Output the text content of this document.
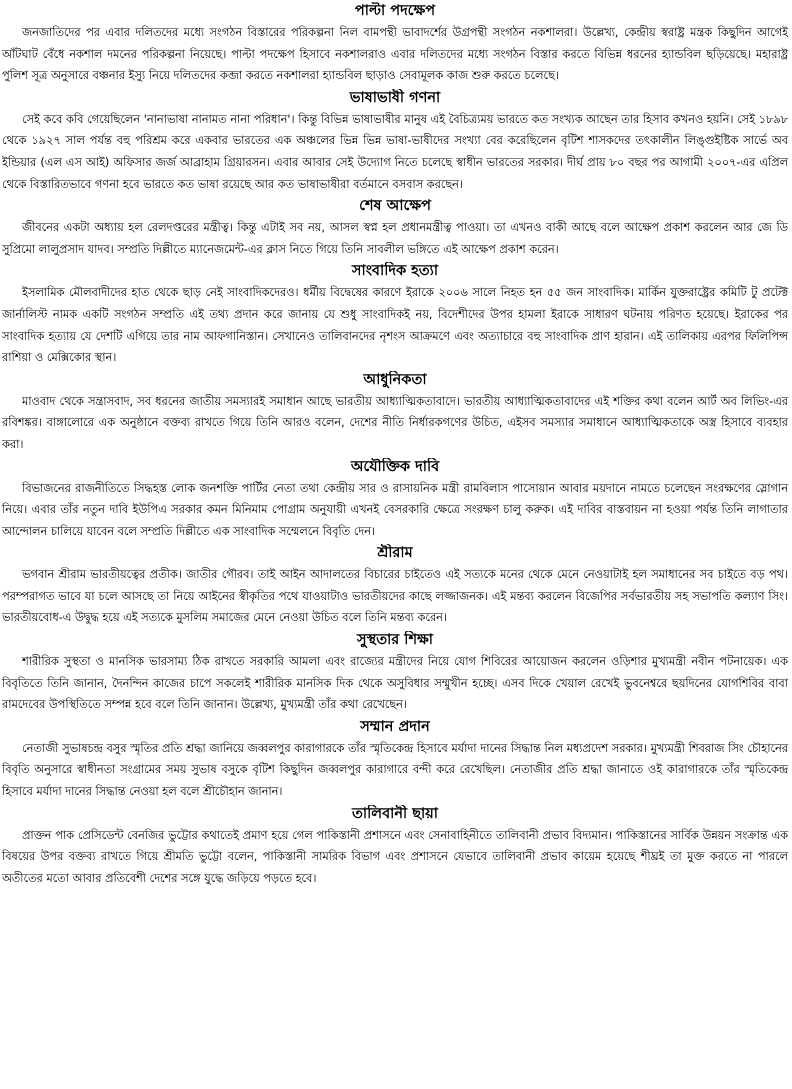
পাল্টা পদক্ষেপ

জনজাতিদের পর এবার দলিতদের মধ্যে সংগঠন বিস্তারের পরিকল্পনা নিল বামপন্থী ভাবাদর্শের উগ্রপন্থী সংগঠন নকশালরা। উল্লেখ্য, কেন্দ্রীয় স্বরাষ্ট্র মন্ত্রক কিছুদিন আগেই আঁটঘাট বেঁধে নকশাল দমনের পরিকল্পনা নিয়েছে। পাল্টা পদক্ষেপ হিসাবে নকশালরাও এবার দলিতদের মধ্যে সংগঠন বিস্তার করতে বিভিন্ন ধরনের হ্যান্ডবিল ছড়িয়েছে। মহারাষ্ট্র পুলিশ সূত্র অনুসারে বঞ্চনার ইস্যু নিয়ে দলিতদের কব্জা করতে নকশালরা হ্যান্ডবিল ছাড়াও সেবামূলক কাজ শুরু করতে চলেছে।

ভাষাভাষী গণনা

সেই কবে কবি গেয়েছিলেন 'নানাভাষা নানামত নানা পরিধান'। কিন্তু বিভিন্ন ভাষাভাষীর মানুষ এই বৈচিত্র্যময় ভারতে কত সংখ্যক আছেন তার হিসাব কখনও হয়নি। সেই ১৮৯৮ থেকে ১৯২৭ সাল পর্যন্ত বহু পরিশ্রম করে একবার ভারতের এক অঞ্চলের ভিন্ন ভিন্ন ভাষা-ভাষীদের সংখ্যা বের করেছিলেন বৃটিশ শাসকদের তৎকালীন লিঙ্গুইষ্টিক সার্ভে অব ইন্ডিয়ার (এল এস আই) অফিসার জর্জ আব্রাহাম গ্রিয়ারসন। এবার আবার সেই উদ্যোগ নিতে চলেছে স্বাধীন ভারতের সরকার। দীর্ঘ প্রায় ৮০ বছর পর আগামী ২০০৭-এর এপ্রিল থেকে বিস্তারিতভাবে গণনা হবে ভারতে কত ভাষা রয়েছে আর কত ভাষাভাষীরা বর্তমানে বসবাস করছেন।

শেষ আক্ষেপ

জীবনের একটা অধ্যায় হল রেলদপ্তরের মন্ত্রীত্ব। কিন্তু এটাই সব নয়, আসল স্বপ্ন হল প্রধানমন্ত্রীত্ব পাওয়া। তা এখনও বাকী আছে বলে আক্ষেপ প্রকাশ করলেন আর জে ডি সুপ্রিমো লালুপ্রসাদ যাদব। সম্প্রতি দিল্লীতে ম্যানেজমেন্ট-এর ক্লাস নিতে গিয়ে তিনি সাবলীল ভঙ্গিতে এই আক্ষেপ প্রকাশ করেন।

সাংবাদিক হত্যা

ইসলামিক মৌলবাদীদের হাত থেকে ছাড় নেই সাংবাদিকদেরও। ধর্মীয় বিদ্বেষের কারণে ইরাকে ২০০৬ সালে নিহত হন ৫৫ জন সাংবাদিক। মার্কিন যুক্তরাষ্ট্রের কমিটি টু প্রটেক্ট জার্নালিস্ট নামক একটি সংগঠন সম্প্রতি এই তথ্য প্রদান করে জানায় যে শুধু সাংবাদিকই নয়, বিদেশীদের উপর হামলা ইরাকে সাধারণ ঘটনায় পরিণত হয়েছে। ইরাকের পর সাংবাদিক হত্যায় যে দেশটি এগিয়ে তার নাম আফগানিস্তান। সেখানেও তালিবানদের নৃশংস আক্রমণে এবং অত্যাচারে বহু সাংবাদিক প্রাণ হারান। এই তালিকায় এরপর ফিলিপিন্স রাশিয়া ও মেক্সিকোর স্থান।

আধুনিকতা

মাওবাদ থেকে সন্ত্রাসবাদ, সব ধরনের জাতীয় সমস্যারই সমাধান আছে ভারতীয় আধ্যাত্মিকতাবাদে। ভারতীয় আধ্যাত্মিকতাবাদের এই শক্তির কথা বলেন আর্ট অব লিভিং-এর রবিশঙ্কর। বাঙ্গালোরে এক অনুষ্ঠানে বক্তব্য রাখতে গিয়ে তিনি আরও বলেন, দেশের নীতি নির্ধারকগণের উচিত, এইসব সমস্যার সমাধানে আধ্যাত্মিকতাকে অস্ত্র হিসাবে ব্যবহার করা।

অযৌক্তিক দাবি

বিভাজনের রাজনীতিতে সিদ্ধহস্ত লোক জনশক্তি পার্টির নেতা তথা কেন্দ্রীয় সার ও রাসায়নিক মন্ত্রী রামবিলাস পাসোয়ান আবার ময়দানে নামতে চলেছেন সংরক্ষণের স্লোগান নিয়ে। এবার তাঁর নতুন দাবি ইউপিএ সরকার কমন মিনিমাম পোগ্রাম অনুযায়ী এখনই বেসরকারি ক্ষেত্রে সংরক্ষণ চালু করুক। এই দাবির বাস্তবায়ন না হওয়া পর্যন্ত তিনি লাগাতার আন্দোলন চালিয়ে যাবেন বলে সম্প্রতি দিল্লীতে এক সাংবাদিক সম্মেলনে বিবৃতি দেন।

শ্রীরাম

ভগবান শ্রীরাম ভারতীয়ত্বের প্রতীক। জাতীর গৌরব। তাই আইন আদালতের বিচারের চাইতেও এই সত্যকে মনের থেকে মেনে নেওয়াটাই হল সমাধানের সব চাইতে বড় পথ। পরম্পরাগত ভাবে যা চলে আসছে তা নিয়ে আইনের স্বীকৃতির পথে যাওয়াটাও ভারতীয়দের কাছে লজ্জাজনক। এই মন্তব্য করলেন বিজেপির সর্বভারতীয় সহ সভাপতি কল্যাণ সিং। ভারতীয়বোধ-এ উদ্বুদ্ধ হয়ে এই সত্যকে মুসলিম সমাজের মেনে নেওয়া উচিত বলে তিনি মন্তব্য করেন।

সুস্থতার শিক্ষা

শারীরিক সুস্থতা ও মানসিক ভারসাম্য ঠিক রাখতে সরকারি আমলা এবং রাজ্যের মন্ত্রীদের নিয়ে যোগ শিবিরের আয়োজন করলেন ওড়িশার মুখ্যমন্ত্রী নবীন পটনায়েক। এক বিবৃতিতে তিনি জানান, দৈনন্দিন কাজের চাপে সকলেই শারীরিক মানসিক দিক থেকে অসুবিধার সম্মুখীন হচ্ছে। এসব দিকে খেয়াল রেখেই ভুবনেশ্বরে ছয়দিনের যোগশিবির বাবা রামদেবের উপস্থিতিতে সম্পন্ন হবে বলে তিনি জানান। উল্লেখ্য, মুখ্যমন্ত্রী তাঁর কথা রেখেছেন।

সম্মান প্রদান

নেতাজী সুভাষচন্দ্র বসুর স্মৃতির প্রতি শ্রদ্ধা জানিয়ে জব্বলপুর কারাগারকে তাঁর স্মৃতিকেন্দ্র হিসাবে মর্যাদা দানের সিদ্ধান্ত নিল মধ্যপ্রদেশ সরকার। মুখ্যমন্ত্রী শিবরাজ সিং চৌহানের বিবৃতি অনুসারে স্বাধীনতা সংগ্রামের সময় সুভাষ বসুকে বৃটিশ কিছুদিন জব্বলপুর কারাগারে বন্দী করে রেখেছিল। নেতাজীর প্রতি শ্রদ্ধা জানাতে ওই কারাগারকে তাঁর স্মৃতিকেন্দ্র হিসাবে মর্যাদা দানের সিদ্ধান্ত নেওয়া হল বলে শ্রীচৌহান জানান।

তালিবানী ছায়া

প্রাক্তন পাক প্রেসিডেন্ট বেনজির ভুট্টোর কথাতেই প্রমাণ হয়ে গেল পাকিস্তানী প্রশাসনে এবং সেনাবাহিনীতে তালিবানী প্রভাব বিদ্যমান। পাকিস্তানের সার্বিক উন্নয়ন সংক্রান্ত এক বিষয়ের উপর বক্তব্য রাখতে গিয়ে শ্রীমতি ভুট্টো বলেন, পাকিস্তানী সামরিক বিভাগ এবং প্রশাসনে যেভাবে তালিবানী প্রভাব কায়েম হয়েছে শীঘ্রই তা মুক্ত করতে না পারলে অতীতের মতো আবার প্রতিবেশী দেশের সঙ্গে যুদ্ধে জড়িয়ে পড়তে হবে।
